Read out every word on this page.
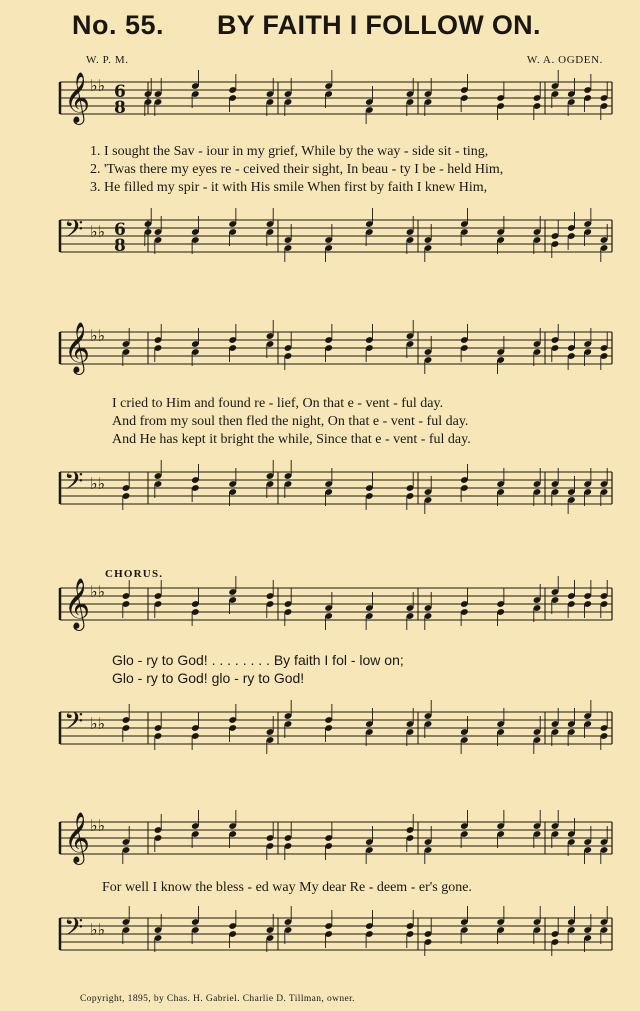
No. 55. BY FAITH I FOLLOW ON.
W. P. M.	W. A. OGDEN.
𝄞 ♭♭ 6
8
1. I sought the Sav - iour in my grief, While by the way - side sit - ting,
2. 'Twas there my eyes re - ceived their sight, In beau - ty I be - held Him,
3. He filled my spir - it with His smile When first by faith I knew Him,
𝄢 ♭♭ 6
8
𝄞 ♭♭
I cried to Him and found re - lief, On that e - vent - ful day.
And from my soul then fled the night, On that e - vent - ful day.
And He has kept it bright the while, Since that e - vent - ful day.
𝄢 ♭♭
CHORUS.
𝄞 ♭♭
Glo - ry to God! . . . . . . . . By faith I fol - low on;
Glo - ry to God! glo - ry to God!
𝄢 ♭♭
𝄞 ♭♭
For well I know the bless - ed way My dear Re - deem - er's gone.
𝄢 ♭♭
Copyright, 1895, by Chas. H. Gabriel. Charlie D. Tillman, owner.
